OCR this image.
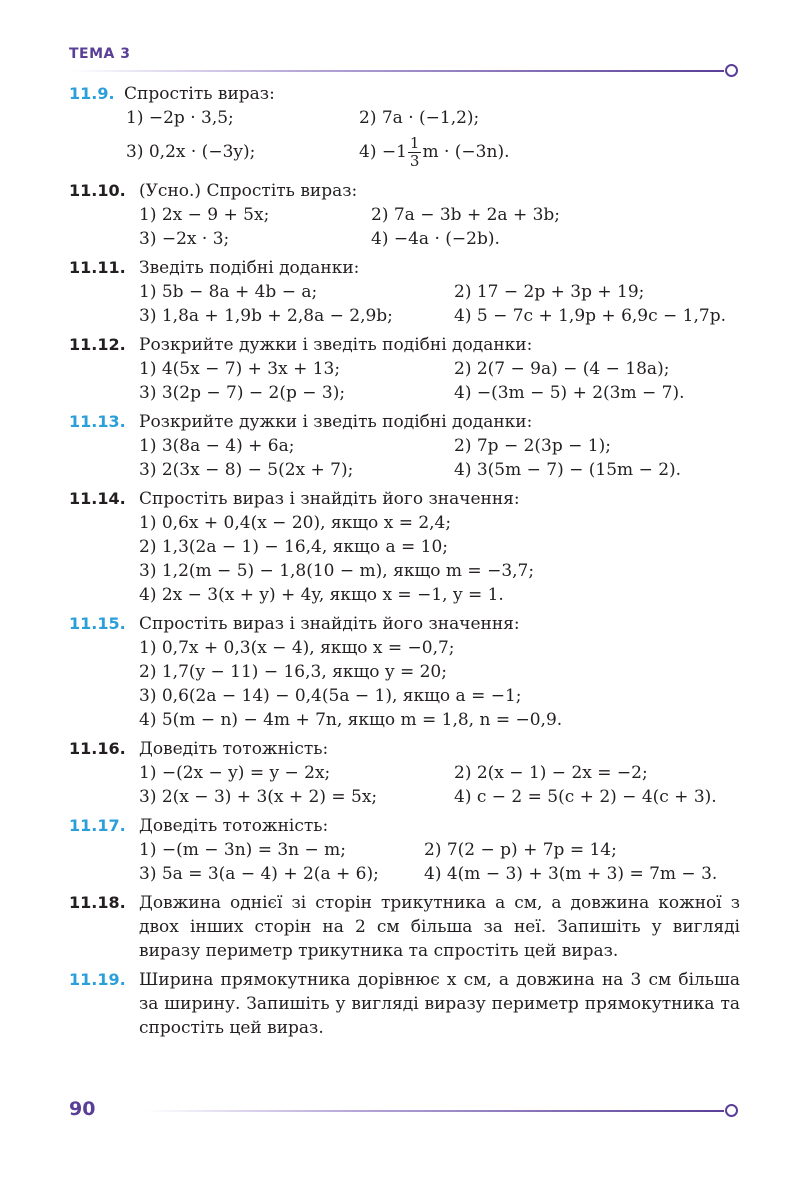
ТЕМА 3
11.9. Спростіть вираз:
1) −2p · 3,5;	2) 7a · (−1,2);
3) 0,2x · (−3y);	$4) -1 \frac{1}{3}$ m · (−3n).
11.10. (Усно.) Спростіть вираз:
1) 2x − 9 + 5x;	2) 7a − 3b + 2a + 3b;
3) −2x · 3;	4) −4a · (−2b).
11.11. Зведіть подібні доданки:
1) 5b − 8a + 4b − a;	2) 17 − 2p + 3p + 19;
3) 1,8a + 1,9b + 2,8a − 2,9b;	4) 5 − 7c + 1,9p + 6,9c − 1,7p.
11.12. Розкрийте дужки і зведіть подібні доданки:
1) 4(5x − 7) + 3x + 13;	2) 2(7 − 9a) − (4 − 18a);
3) 3(2p − 7) − 2(p − 3);	4) −(3m − 5) + 2(3m − 7).
11.13. Розкрийте дужки і зведіть подібні доданки:
1) 3(8a − 4) + 6a;	2) 7p − 2(3p − 1);
3) 2(3x − 8) − 5(2x + 7);	4) 3(5m − 7) − (15m − 2).
11.14. Спростіть вираз і знайдіть його значення:
1) 0,6x + 0,4(x − 20), якщо x = 2,4;
2) 1,3(2a − 1) − 16,4, якщо a = 10;
3) 1,2(m − 5) − 1,8(10 − m), якщо m = −3,7;
4) 2x − 3(x + y) + 4y, якщо x = −1, y = 1.
11.15. Спростіть вираз і знайдіть його значення:
1) 0,7x + 0,3(x − 4), якщо x = −0,7;
2) 1,7(y − 11) − 16,3, якщо y = 20;
3) 0,6(2a − 14) − 0,4(5a − 1), якщо a = −1;
4) 5(m − n) − 4m + 7n, якщо m = 1,8, n = −0,9.
11.16. Доведіть тотожність:
1) −(2x − y) = y − 2x;	2) 2(x − 1) − 2x = −2;
3) 2(x − 3) + 3(x + 2) = 5x;	4) c − 2 = 5(c + 2) − 4(c + 3).
11.17. Доведіть тотожність:
1) −(m − 3n) = 3n − m;	2) 7(2 − p) + 7p = 14;
3) 5a = 3(a − 4) + 2(a + 6);	4) 4(m − 3) + 3(m + 3) = 7m − 3.
11.18. Довжина однієї зі сторін трикутника a см, а довжина кожної з двох інших сторін на 2 см більша за неї. Запишіть у вигляді виразу периметр трикутника та спростіть цей вираз.
11.19. Ширина прямокутника дорівнює x см, а довжина на 3 см більша за ширину. Запишіть у вигляді виразу периметр прямокутника та спростіть цей вираз.
90
